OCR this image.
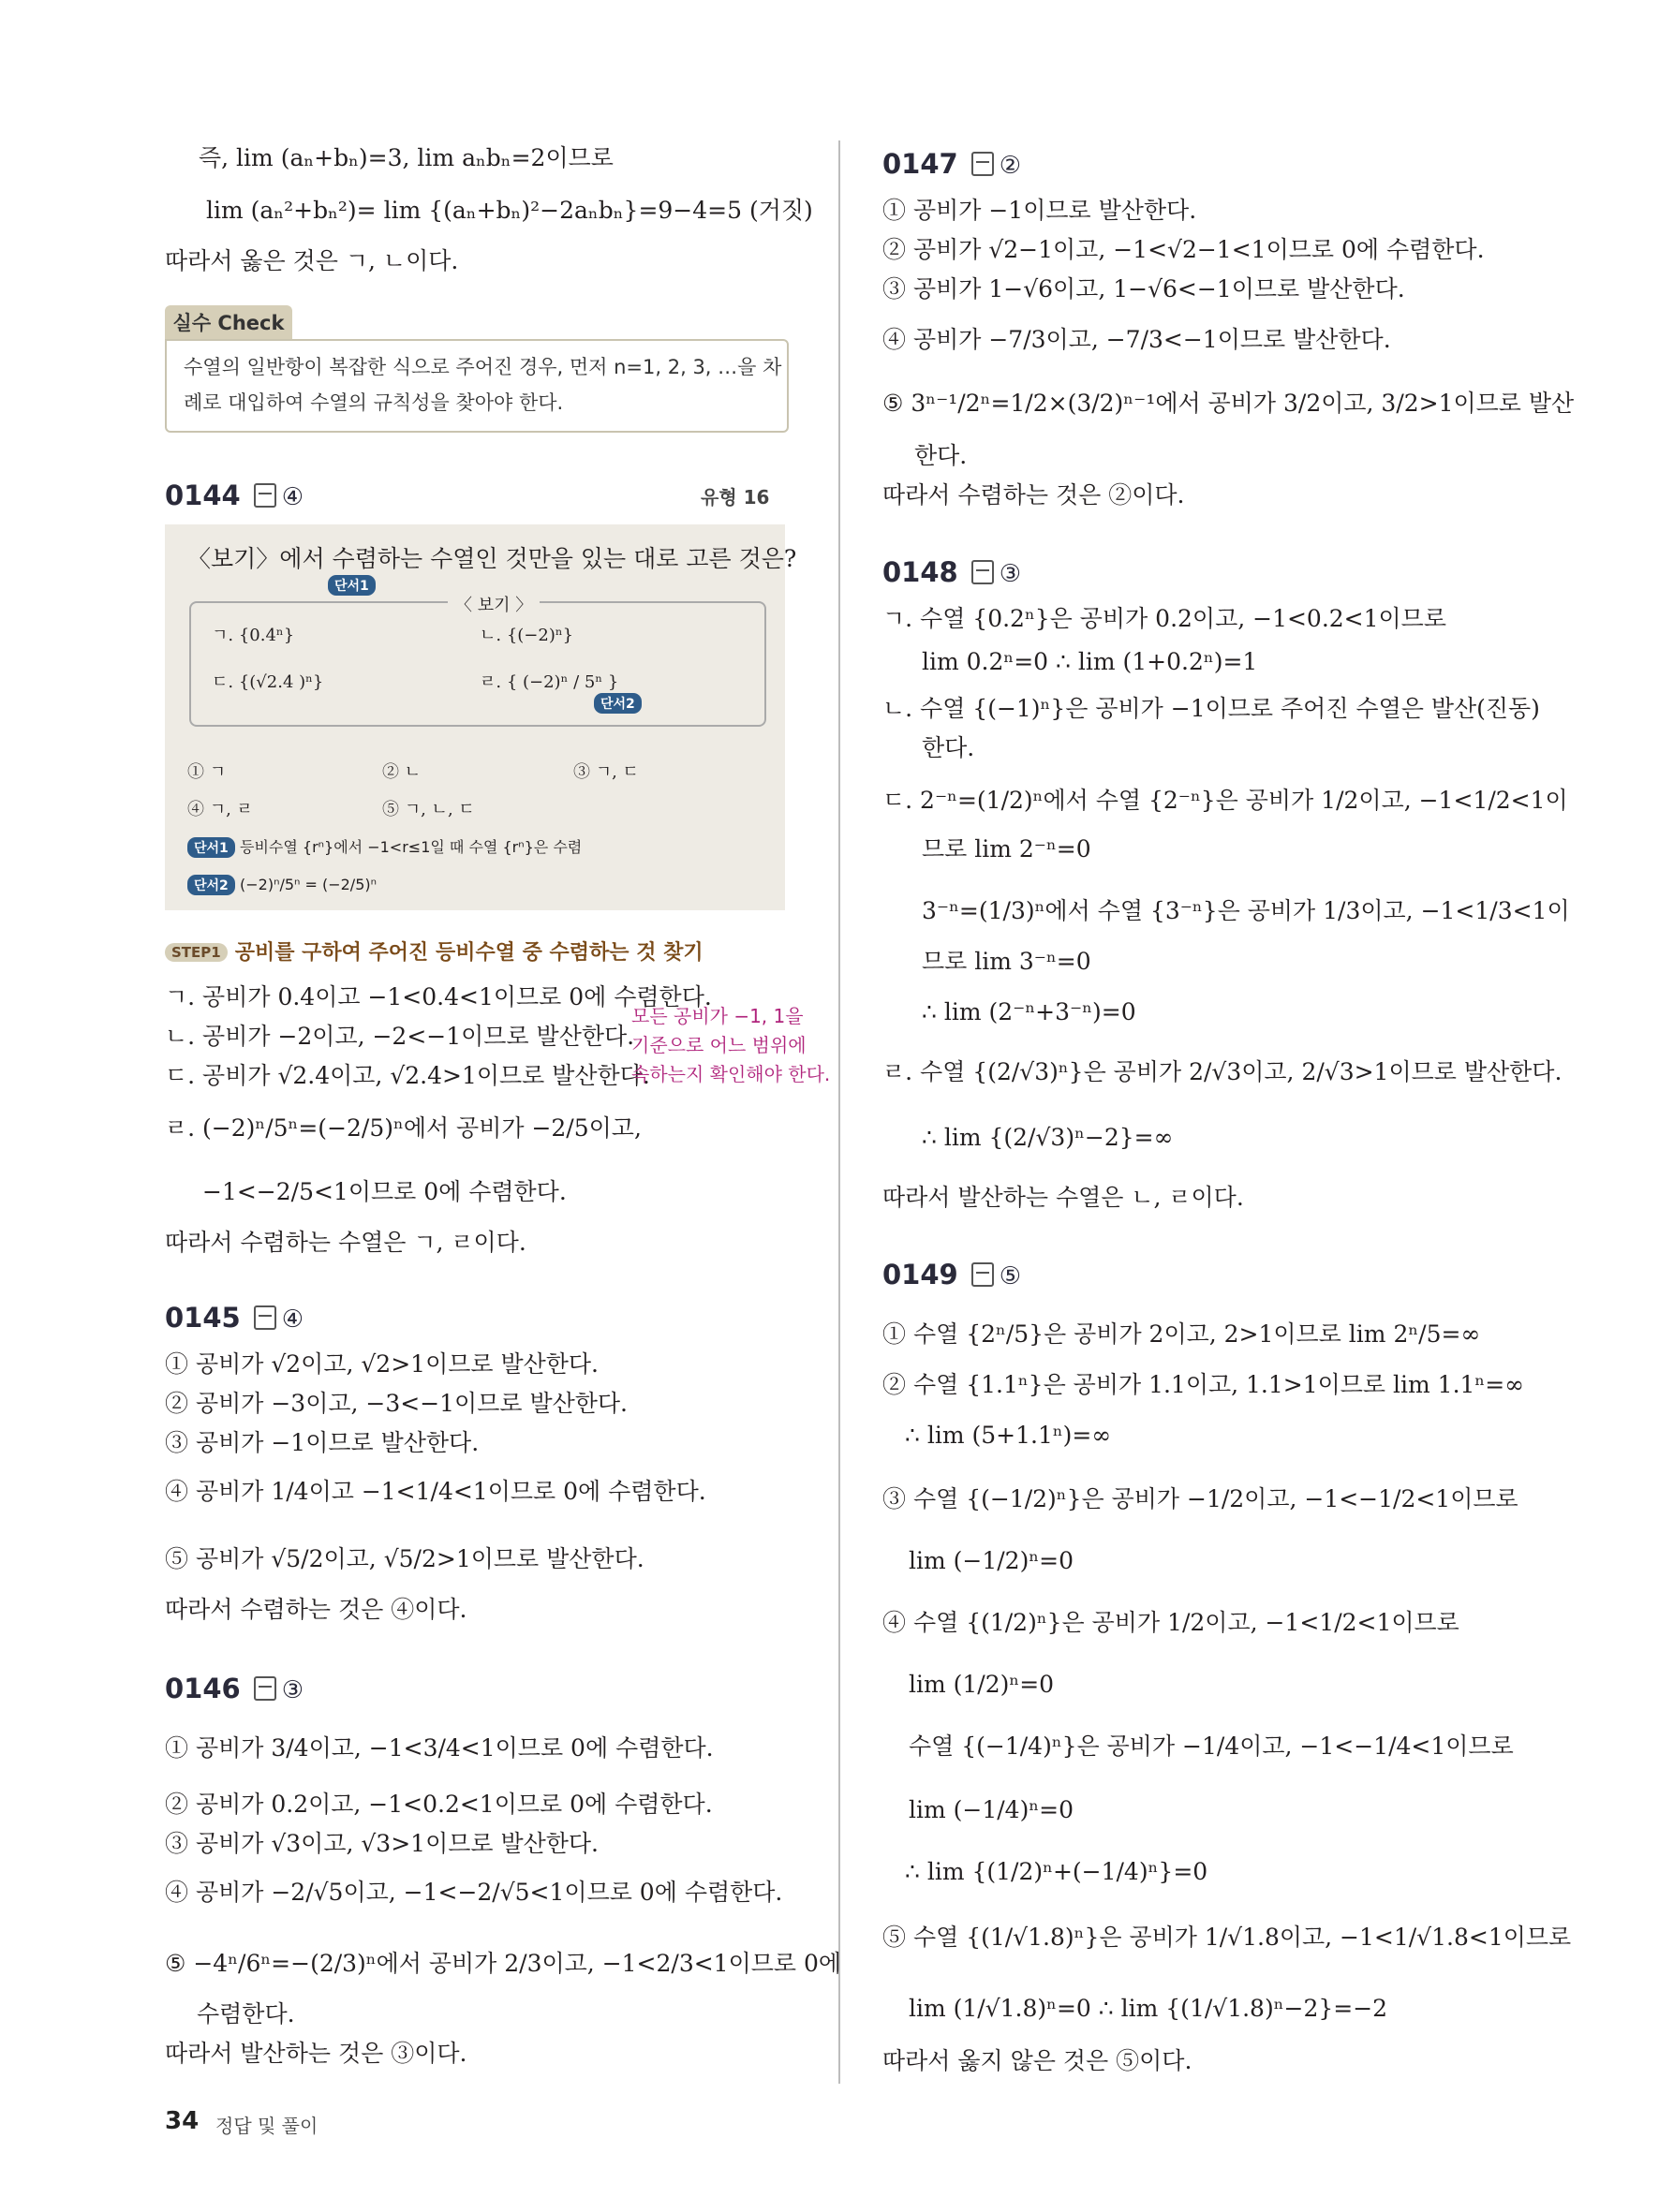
즉, lim (aₙ+bₙ)=3, lim aₙbₙ=2이므로
lim (aₙ²+bₙ²)= lim {(aₙ+bₙ)²−2aₙbₙ}=9−4=5 (거짓)
따라서 옳은 것은 ㄱ, ㄴ이다.
실수 Check
수열의 일반항이 복잡한 식으로 주어진 경우, 먼저 n=1, 2, 3, …을 차
례로 대입하여 수열의 규칙성을 찾아야 한다.
0144 ④	유형 16
〈보기〉에서 수렴하는 수열인 것만을 있는 대로 고른 것은?
단서1
〈 보기 〉
ㄱ. {0.4ⁿ}	ㄴ. {(−2)ⁿ}
ㄷ. {(√2.4 )ⁿ}	ㄹ. { (−2)ⁿ / 5ⁿ }
단서2
① ㄱ	② ㄴ	③ ㄱ, ㄷ
④ ㄱ, ㄹ	⑤ ㄱ, ㄴ, ㄷ
단서1 등비수열 {rⁿ}에서 −1<r≤1일 때 수열 {rⁿ}은 수렴
단서2 (−2)ⁿ/5ⁿ = (−2/5)ⁿ
STEP1 공비를 구하여 주어진 등비수열 중 수렴하는 것 찾기
ㄱ. 공비가 0.4이고 −1<0.4<1이므로 0에 수렴한다.
ㄴ. 공비가 −2이고, −2<−1이므로 발산한다.
ㄷ. 공비가 √2.4이고, √2.4>1이므로 발산한다.
ㄹ. (−2)ⁿ/5ⁿ=(−2/5)ⁿ에서 공비가 −2/5이고,
−1<−2/5<1이므로 0에 수렴한다.
따라서 수렴하는 수열은 ㄱ, ㄹ이다.
모든 공비가 −1, 1을
기준으로 어느 범위에
속하는지 확인해야 한다.
0145 ④
① 공비가 √2이고, √2>1이므로 발산한다.
② 공비가 −3이고, −3<−1이므로 발산한다.
③ 공비가 −1이므로 발산한다.
④ 공비가 1/4이고 −1<1/4<1이므로 0에 수렴한다.
⑤ 공비가 √5/2이고, √5/2>1이므로 발산한다.
따라서 수렴하는 것은 ④이다.
0146 ③
① 공비가 3/4이고, −1<3/4<1이므로 0에 수렴한다.
② 공비가 0.2이고, −1<0.2<1이므로 0에 수렴한다.
③ 공비가 √3이고, √3>1이므로 발산한다.
④ 공비가 −2/√5이고, −1<−2/√5<1이므로 0에 수렴한다.
⑤ −4ⁿ/6ⁿ=−(2/3)ⁿ에서 공비가 2/3이고, −1<2/3<1이므로 0에
수렴한다.
따라서 발산하는 것은 ③이다.
0147 ②
① 공비가 −1이므로 발산한다.
② 공비가 √2−1이고, −1<√2−1<1이므로 0에 수렴한다.
③ 공비가 1−√6이고, 1−√6<−1이므로 발산한다.
④ 공비가 −7/3이고, −7/3<−1이므로 발산한다.
⑤ 3ⁿ⁻¹/2ⁿ=1/2×(3/2)ⁿ⁻¹에서 공비가 3/2이고, 3/2>1이므로 발산
한다.
따라서 수렴하는 것은 ②이다.
0148 ③
ㄱ. 수열 {0.2ⁿ}은 공비가 0.2이고, −1<0.2<1이므로
lim 0.2ⁿ=0 ∴ lim (1+0.2ⁿ)=1
ㄴ. 수열 {(−1)ⁿ}은 공비가 −1이므로 주어진 수열은 발산(진동)
한다.
ㄷ. 2⁻ⁿ=(1/2)ⁿ에서 수열 {2⁻ⁿ}은 공비가 1/2이고, −1<1/2<1이
므로 lim 2⁻ⁿ=0
3⁻ⁿ=(1/3)ⁿ에서 수열 {3⁻ⁿ}은 공비가 1/3이고, −1<1/3<1이
므로 lim 3⁻ⁿ=0
∴ lim (2⁻ⁿ+3⁻ⁿ)=0
ㄹ. 수열 {(2/√3)ⁿ}은 공비가 2/√3이고, 2/√3>1이므로 발산한다.
∴ lim {(2/√3)ⁿ−2}=∞
따라서 발산하는 수열은 ㄴ, ㄹ이다.
0149 ⑤
① 수열 {2ⁿ/5}은 공비가 2이고, 2>1이므로 lim 2ⁿ/5=∞
② 수열 {1.1ⁿ}은 공비가 1.1이고, 1.1>1이므로 lim 1.1ⁿ=∞
∴ lim (5+1.1ⁿ)=∞
③ 수열 {(−1/2)ⁿ}은 공비가 −1/2이고, −1<−1/2<1이므로
lim (−1/2)ⁿ=0
④ 수열 {(1/2)ⁿ}은 공비가 1/2이고, −1<1/2<1이므로
lim (1/2)ⁿ=0
수열 {(−1/4)ⁿ}은 공비가 −1/4이고, −1<−1/4<1이므로
lim (−1/4)ⁿ=0
∴ lim {(1/2)ⁿ+(−1/4)ⁿ}=0
⑤ 수열 {(1/√1.8)ⁿ}은 공비가 1/√1.8이고, −1<1/√1.8<1이므로
lim (1/√1.8)ⁿ=0 ∴ lim {(1/√1.8)ⁿ−2}=−2
따라서 옳지 않은 것은 ⑤이다.
34 정답 및 풀이
